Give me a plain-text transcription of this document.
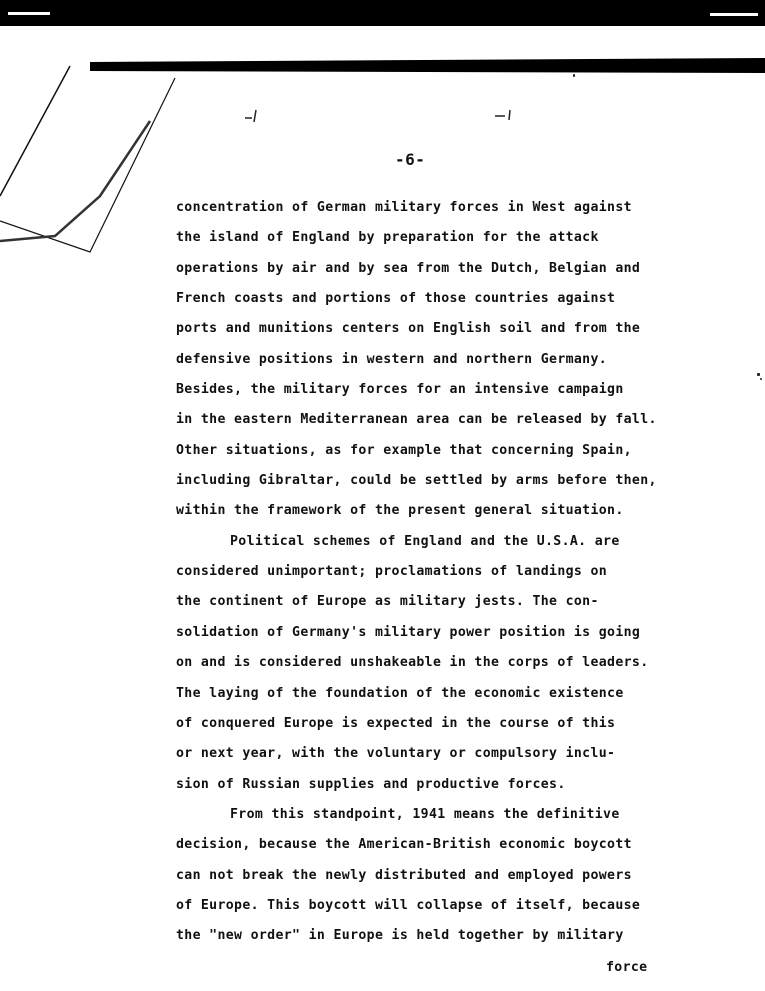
-6-
concentration of German military forces in West against
the island of England by preparation for the attack
operations by air and by sea from the Dutch, Belgian and
French coasts and portions of those countries against
ports and munitions centers on English soil and from the
defensive positions in western and northern Germany.
Besides, the military forces for an intensive campaign
in the eastern Mediterranean area can be released by fall.
Other situations, as for example that concerning Spain,
including Gibraltar, could be settled by arms before then,
within the framework of the present general situation.
Political schemes of England and the U.S.A. are
considered unimportant; proclamations of landings on
the continent of Europe as military jests. The con-
solidation of Germany's military power position is going
on and is considered unshakeable in the corps of leaders.
The laying of the foundation of the economic existence
of conquered Europe is expected in the course of this
or next year, with the voluntary or compulsory inclu-
sion of Russian supplies and productive forces.
From this standpoint, 1941 means the definitive
decision, because the American-British economic boycott
can not break the newly distributed and employed powers
of Europe. This boycott will collapse of itself, because
the "new order" in Europe is held together by military
force
